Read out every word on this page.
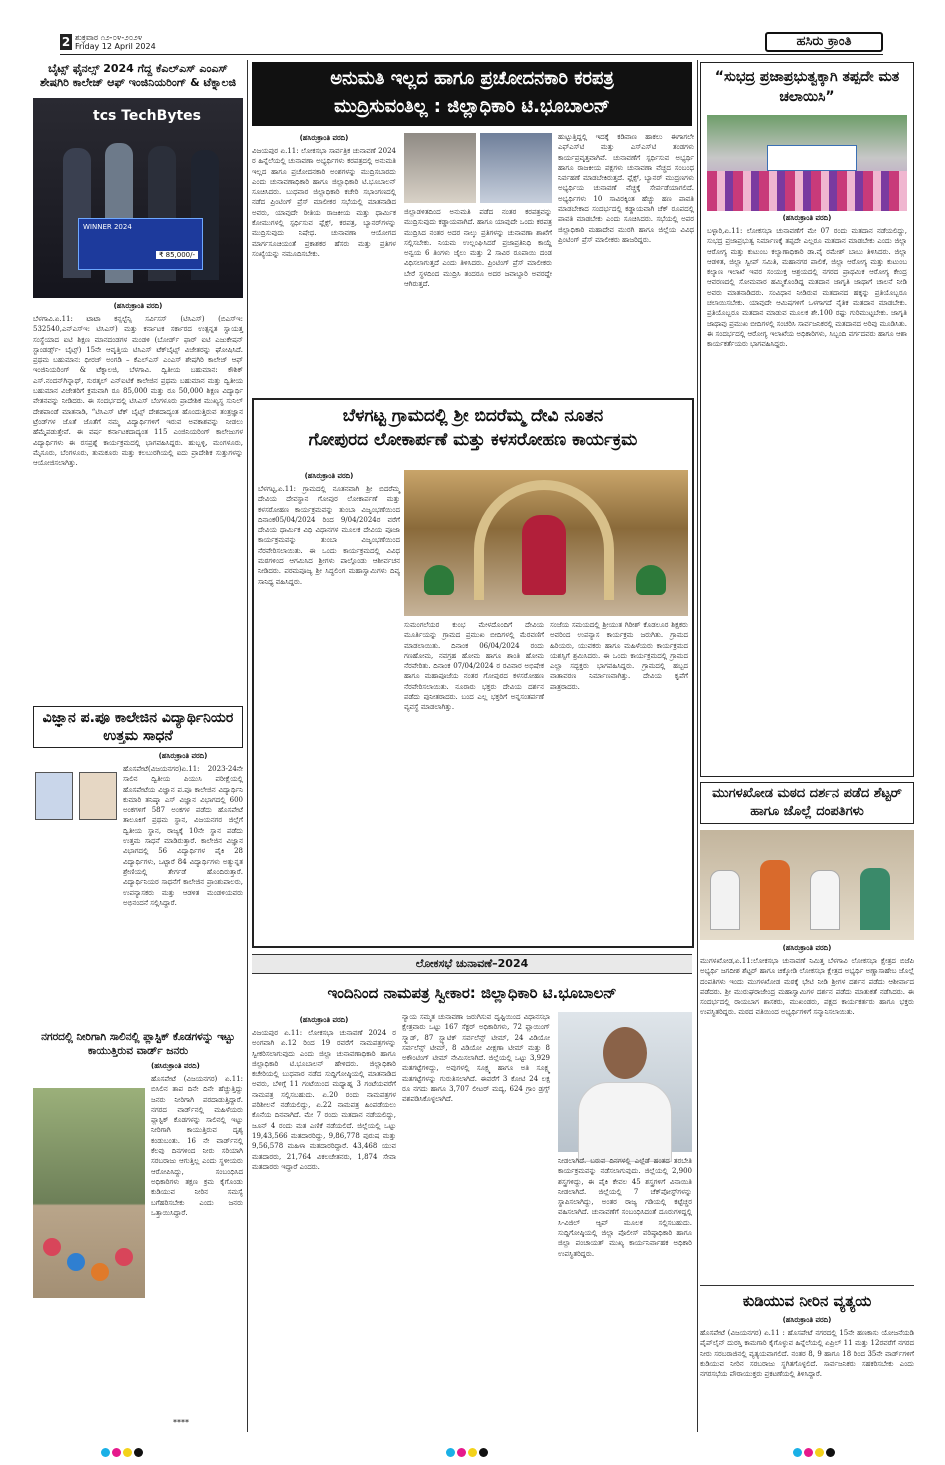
2 ಶುಕ್ರವಾರ ೧೨-೦೪-೨೦೨೪
Friday 12 April 2024	ಹಸಿರು ಕ್ರಾಂತಿ
ಬೈಟ್ಸ್ ಫೈನಲ್ಸ್ 2024 ಗೆದ್ದ ಕೆಎಲ್‌ಎಸ್ ಎಂಎಸ್ ಶೇಷಗಿರಿ ಕಾಲೇಜ್ ಆಫ್ ಇಂಜಿನಿಯರಿಂಗ್ & ಟೆಕ್ನಾಲಜಿ
tcs TechBytes
WINNER 2024
₹ 85,000/-
(ಹಸಿರುಕ್ರಾಂತಿ ವರದಿ)
ಬೆಳಗಾವಿ.ಏ.11: ಟಾಟಾ ಕನ್ಸಲ್ಟೆನ್ಸಿ ಸರ್ವಿಸಸ್ (ಟಿಸಿಎಸ್) (ಬಿಎಸ್‌ಇ: 532540,ಎನ್‌ಎಸ್‌ಇ: ಟಿಸಿಎಸ್) ಮತ್ತು ಕರ್ನಾಟಕ ಸರ್ಕಾರದ ಉತ್ಪನ್ನತ ಸ್ವಾಯತ್ತ ಸಂಸ್ಥೆಯಾದ ಐಟಿ ಶಿಕ್ಷಣ ಮಾನದಂಡಗಳ ಮಂಡಳಿ (ಬೋರ್ಡ್ ಫಾರ್ ಐಟಿ ಎಜುಕೇಷನ್ ಸ್ಟಾಂಡರ್ಡ್ಸ್- ಬೈಟ್ಸ್) 15ನೇ ಆವೃತ್ತಿಯ ಟಿಸಿಎಸ್ ಟೆಕ್‌ಬೈಟ್ಸ್ ವಿಜೇತರನ್ನು ಘೋಷಿಸಿದೆ. ಪ್ರಥಮ ಬಹುಮಾನ: ಧೀರಜ್ ಅಂಗಡಿ – ಕೆಎಲ್‌ಎಸ್ ಎಂಎಸ್ ಶೇಷಗಿರಿ ಕಾಲೇಜ್ ಆಫ್ ಇಂಜಿನಿಯರಿಂಗ್ & ಟೆಕ್ನಾಲಜಿ, ಬೆಳಗಾವಿ. ದ್ವಿತೀಯ ಬಹುಮಾನ: ಕೌಶಿಕ್ ಎಸ್.ನಂದನ್‌ಗಿನ್ನಾಥ್, ಸುರತ್ಕಲ್ ಎನ್‌ಐಟಿಕೆ ಕಾಲೇಜಿನ ಪ್ರಥಮ ಬಹುಮಾನ ಮತ್ತು ದ್ವಿತೀಯ ಬಹುಮಾನ ವಿಜೇತರಿಗೆ ಕ್ರಮವಾಗಿ ರೂ 85,000 ಮತ್ತು ರೂ 50,000 ಶಿಕ್ಷಣ ವಿದ್ಯಾರ್ಥಿ ವೇತನವನ್ನು ನೀಡಿದರು. ಈ ಸಂದರ್ಭದಲ್ಲಿ ಟಿಸಿಎಸ್ ಬೆಂಗಳೂರು ಪ್ರಾದೇಶಿಕ ಮುಖ್ಯಸ್ಥ ಸುನಿಲ್ ದೇಶಪಾಂಡೆ ಮಾತನಾಡಿ, “ಟಿಸಿಎಸ್ ಟೆಕ್ ಬೈಟ್ಸ್ ದೇಶದಾದ್ಯಂತ ಹೊಂದುತ್ತಿರುವ ತಂತ್ರಜ್ಞಾನ ಟ್ರೆಂಡ್‌ಗಳ ಜೊತೆ ಜೊತೆಗೆ ನಮ್ಮ ವಿದ್ಯಾರ್ಥಿಗಳಿಗೆ ಇರುವ ಅವಕಾಶವನ್ನು ನೀಡಲು ಹೆಮ್ಮೆಪಡುತ್ತೇವೆ. ಈ ವರ್ಷ ಕರ್ನಾಟಕದಾದ್ಯಂತ 115 ಎಂಜಿನಿಯರಿಂಗ್ ಕಾಲೇಜುಗಳ ವಿದ್ಯಾರ್ಥಿಗಳು ಈ ರಸಪ್ರಶ್ನೆ ಕಾರ್ಯಕ್ರಮದಲ್ಲಿ ಭಾಗವಹಿಸಿದ್ದರು. ಹುಬ್ಬಳ್ಳಿ, ಮಂಗಳೂರು, ಮೈಸೂರು, ಬೆಂಗಳೂರು, ತುಮಕೂರು ಮತ್ತು ಕಲಬುರಗಿಯಲ್ಲಿ ಐದು ಪ್ರಾದೇಶಿಕ ಸುತ್ತುಗಳನ್ನು ಆಯೋಜಿಸಲಾಗಿತ್ತು.
ವಿಜ್ಞಾನ ಪ.ಪೂ ಕಾಲೇಜಿನ ವಿದ್ಯಾರ್ಥಿನಿಯರ ಉತ್ತಮ ಸಾಧನೆ
(ಹಸಿರುಕ್ರಾಂತಿ ವರದಿ)
ಹೊಸಪೇಟೆ(ವಿಜಯನಗರ)ಏ.11: 2023-24ನೇ ಸಾಲಿನ ದ್ವಿತೀಯ ಪಿಯುಸಿ ಪರೀಕ್ಷೆಯಲ್ಲಿ ಹೊಸಪೇಟೆಯ ವಿಜ್ಞಾನ ಪ.ಪೂ ಕಾಲೇಜಿನ ವಿದ್ಯಾರ್ಥಿನಿ ಕುಮಾರಿ ತನಿಷ್ಕಾ ಎಸ್ ವಿಜ್ಞಾನ ವಿಭಾಗದಲ್ಲಿ 600 ಅಂಕಗಳಿಗೆ 587 ಅಂಕಗಳ ಪಡೆದು ಹೊಸಪೇಟೆ ತಾಲೂಕಿಗೆ ಪ್ರಥಮ ಸ್ಥಾನ, ವಿಜಯನಗರ ಜಿಲ್ಲೆಗೆ ದ್ವಿತೀಯ ಸ್ಥಾನ, ರಾಜ್ಯಕ್ಕೆ 10ನೇ ಸ್ಥಾನ ಪಡೆದು ಉತ್ತಮ ಸಾಧನೆ ಮಾಡಿರುತ್ತಾರೆ. ಕಾಲೇಜಿನ ವಿಜ್ಞಾನ ವಿಭಾಗದಲ್ಲಿ 56 ವಿದ್ಯಾರ್ಥಿಗಳ ಪೈಕಿ 28 ವಿದ್ಯಾರ್ಥಿಗಳು, ಒಟ್ಟಾರೆ 84 ವಿದ್ಯಾರ್ಥಿಗಳು ಅತ್ಯುನ್ನತ ಶ್ರೇಣಿಯಲ್ಲಿ ತೇರ್ಗಡೆ ಹೊಂದಿರುತ್ತಾರೆ. ವಿದ್ಯಾರ್ಥಿನಿಯರ ಸಾಧನೆಗೆ ಕಾಲೇಜಿನ ಪ್ರಾಂಶುಪಾಲರು, ಉಪನ್ಯಾಸಕರು ಮತ್ತು ಆಡಳಿತ ಮಂಡಳಿಯವರು ಅಭಿನಂದನೆ ಸಲ್ಲಿಸಿದ್ದಾರೆ.
ನಗರದಲ್ಲಿ ನೀರಿಗಾಗಿ ಸಾಲಿನಲ್ಲಿ ಪ್ಲಾಸ್ಟಿಕ್ ಕೊಡಗಳನ್ನು ಇಟ್ಟು ಕಾಯುತ್ತಿರುವ ವಾರ್ಡ್ ಜನರು
(ಹಸಿರುಕ್ರಾಂತಿ ವರದಿ)
ಹೊಸಪೇಟೆ (ವಿಜಯನಗರ) ಏ.11: ಬಿಸಿಲಿನ ತಾಪ ದಿನೇ ದಿನೇ ಹೆಚ್ಚುತ್ತಿದ್ದು ಜನರು ನೀರಿಗಾಗಿ ಪರದಾಡುತ್ತಿದ್ದಾರೆ. ನಗರದ ವಾರ್ಡ್‌ನಲ್ಲಿ ಮಹಿಳೆಯರು ಪ್ಲಾಸ್ಟಿಕ್ ಕೊಡಗಳನ್ನು ಸಾಲಿನಲ್ಲಿ ಇಟ್ಟು ನೀರಿಗಾಗಿ ಕಾಯುತ್ತಿರುವ ದೃಶ್ಯ ಕಂಡುಬಂತು. 16 ನೇ ವಾರ್ಡ್‌ನಲ್ಲಿ ಕೆಲವು ದಿನಗಳಿಂದ ನೀರು ಸರಿಯಾಗಿ ಸರಬರಾಜು ಆಗುತ್ತಿಲ್ಲ ಎಂದು ಸ್ಥಳೀಯರು ಆರೋಪಿಸಿದ್ದು, ಸಂಬಂಧಿಸಿದ ಅಧಿಕಾರಿಗಳು ತಕ್ಷಣ ಕ್ರಮ ಕೈಗೊಂಡು ಕುಡಿಯುವ ನೀರಿನ ಸಮಸ್ಯೆ ಬಗೆಹರಿಸಬೇಕು ಎಂದು ಜನರು ಒತ್ತಾಯಿಸಿದ್ದಾರೆ.
****
ಅನುಮತಿ ಇಲ್ಲದ ಹಾಗೂ ಪ್ರಚೋದನಕಾರಿ ಕರಪತ್ರ
ಮುದ್ರಿಸುವಂತಿಲ್ಲ : ಜಿಲ್ಲಾಧಿಕಾರಿ ಟಿ.ಭೂಬಾಲನ್
(ಹಸಿರುಕ್ರಾಂತಿ ವರದಿ)
ವಿಜಯಪುರ ಏ.11: ಲೋಕಸಭಾ ಸಾರ್ವತ್ರಿಕ ಚುನಾವಣೆ 2024 ರ ಹಿನ್ನೆಲೆಯಲ್ಲಿ ಚುನಾವಣಾ ಅಭ್ಯರ್ಥಿಗಳು ಕರಪತ್ರದಲ್ಲಿ ಅನುಮತಿ ಇಲ್ಲದ ಹಾಗೂ ಪ್ರಚೋದನಕಾರಿ ಅಂಶಗಳನ್ನು ಮುದ್ರಿಸಬಾರದು ಎಂದು ಚುನಾವಣಾಧಿಕಾರಿ ಹಾಗೂ ಜಿಲ್ಲಾಧಿಕಾರಿ ಟಿ.ಭೂಬಾಲನ್ ಸೂಚಿಸಿದರು. ಬುಧವಾರ ಜಿಲ್ಲಾಧಿಕಾರಿ ಕಚೇರಿ ಸಭಾಂಗಣದಲ್ಲಿ ನಡೆದ ಪ್ರಿಂಟಿಂಗ್ ಪ್ರೆಸ್ ಮಾಲೀಕರ ಸಭೆಯಲ್ಲಿ ಮಾತನಾಡಿದ ಅವರು, ಯಾವುದೇ ರೀತಿಯ ರಾಜಕೀಯ ಮತ್ತು ಧಾರ್ಮಿಕ ಕೋಮುಗಳಲ್ಲಿ ಸ್ಪರ್ಧಿಸುವ ಫ್ಲೆಕ್ಸ್, ಕರಪತ್ರ, ಬ್ಯಾನರ್‌ಗಳನ್ನು ಮುದ್ರಿಸುವುದು ನಿಷೇಧ. ಚುನಾವಣಾ ಆಯೋಗದ ಮಾರ್ಗಸೂಚಿಯಂತೆ ಪ್ರಕಾಶಕರ ಹೆಸರು ಮತ್ತು ಪ್ರತಿಗಳ ಸಂಖ್ಯೆಯನ್ನು ನಮೂದಿಸಬೇಕು.
ಜಿಲ್ಲಾಡಳಿತದಿಂದ ಅನುಮತಿ ಪಡೆದ ನಂತರ ಕರಪತ್ರವನ್ನು ಮುದ್ರಿಸುವುದು ಕಡ್ಡಾಯವಾಗಿದೆ. ಹಾಗೂ ಯಾವುದೇ ಒಂದು ಕರಪತ್ರ ಮುದ್ರಿಸಿದ ನಂತರ ಅದರ ನಾಲ್ಕು ಪ್ರತಿಗಳನ್ನು ಚುನಾವಣಾ ಶಾಖೆಗೆ ಸಲ್ಲಿಸಬೇಕು. ನಿಯಮ ಉಲ್ಲಂಘಿಸಿದರೆ ಪ್ರಜಾಪ್ರತಿನಿಧಿ ಕಾಯ್ದೆ ಅನ್ವಯ 6 ತಿಂಗಳು ಜೈಲು ಮತ್ತು 2 ಸಾವಿರ ರೂಪಾಯಿ ದಂಡ ವಿಧಿಸಲಾಗುತ್ತದೆ ಎಂದು ತಿಳಿಸಿದರು. ಪ್ರಿಂಟಿಂಗ್ ಪ್ರೆಸ್ ಮಾಲೀಕರು ಬೇರೆ ಸ್ಥಳದಿಂದ ಮುದ್ರಿಸಿ ತಂದರೂ ಅದರ ಜವಾಬ್ದಾರಿ ಅವರದ್ದೇ ಆಗಿರುತ್ತದೆ.
ಹುಟ್ಟುತ್ತಿದ್ದಲ್ಲಿ ಇದಕ್ಕೆ ಕಡಿವಾಣ ಹಾಕಲು ಈಗಾಗಲೇ ಎಫ್‌ಎಸ್‌ಟಿ ಮತ್ತು ಎಸ್‌ಎಸ್‌ಟಿ ತಂಡಗಳು ಕಾರ್ಯಪ್ರವೃತ್ತವಾಗಿವೆ. ಚುನಾವಣೆಗೆ ಸ್ಪರ್ಧಿಸುವ ಅಭ್ಯರ್ಥಿ ಹಾಗೂ ರಾಜಕೀಯ ಪಕ್ಷಗಳು ಚುನಾವಣಾ ವೆಚ್ಚದ ಸಂಬಂಧ ನಿರ್ವಹಣೆ ಮಾಡಬೇಕಿರುತ್ತದೆ. ಫ್ಲೆಕ್ಸ್, ಬ್ಯಾನರ್ ಮುದ್ರಣಗಳು ಅಭ್ಯರ್ಥಿಯ ಚುನಾವಣೆ ವೆಚ್ಚಕ್ಕೆ ಸೇರ್ಪಡೆಯಾಗಲಿದೆ. ಅಭ್ಯರ್ಥಿಗಳು 10 ಸಾವಿರಕ್ಕಿಂತ ಹೆಚ್ಚು ಹಣ ಪಾವತಿ ಮಾಡಬೇಕಾದ ಸಂದರ್ಭದಲ್ಲಿ ಕಡ್ಡಾಯವಾಗಿ ಚೆಕ್ ರೂಪದಲ್ಲಿ ಪಾವತಿ ಮಾಡಬೇಕು ಎಂದು ಸೂಚಿಸಿದರು. ಸಭೆಯಲ್ಲಿ ಅಪರ ಜಿಲ್ಲಾಧಿಕಾರಿ ಮಹಾದೇವ ಮುರಗಿ ಹಾಗೂ ಜಿಲ್ಲೆಯ ವಿವಿಧ ಪ್ರಿಂಟಿಂಗ್ ಪ್ರೆಸ್ ಮಾಲೀಕರು ಹಾಜರಿದ್ದರು.
ಬೆಳಗಟ್ಟ ಗ್ರಾಮದಲ್ಲಿ ಶ್ರೀ ಬಿದರೆಮ್ಮ ದೇವಿ ನೂತನ
ಗೋಪುರದ ಲೋಕಾರ್ಪಣೆ ಮತ್ತು ಕಳಸರೋಹಣ ಕಾರ್ಯಕ್ರಮ
(ಹಸಿರುಕ್ರಾಂತಿ ವರದಿ)
ಬೆಳಗಟ್ಟ,ಏ.11: ಗ್ರಾಮದಲ್ಲಿ ನೂತನವಾಗಿ ಶ್ರೀ ಬಿದರೆಮ್ಮ ದೇವಿಯ ದೇವಸ್ಥಾನ ಗೋಪುರ ಲೋಕಾರ್ಪಣೆ ಮತ್ತು ಕಳಸರೋಹಣ ಕಾರ್ಯಕ್ರಮವನ್ನು ತುಂಬಾ ವಿಜೃಂಭಣೆಯಿಂದ ದಿನಾಂಕ05/04/2024 ರಿಂದ 9/04/2024ರ ವರೆಗೆ ದೇವಿಯ ಧಾರ್ಮಿಕ ವಿಧಿ ವಿಧಾನಗಳ ಮೂಲಕ ದೇವಿಯ ಪೂಜಾ ಕಾರ್ಯಕ್ರಮವನ್ನು ತುಂಬಾ ವಿಜೃಂಭಣೆಯಿಂದ ನೆರವೇರಿಸಲಾಯಿತು. ಈ ಒಂದು ಕಾರ್ಯಕ್ರಮದಲ್ಲಿ ವಿವಿಧ ಮಠಗಳಿಂದ ಆಗಮಿಸಿದ ಶ್ರೀಗಳು ಪಾಲ್ಗೊಂಡು ಆಶೀರ್ವಚನ ನೀಡಿದರು. ಪರಮಪೂಜ್ಯ ಶ್ರೀ ಸಿದ್ಧಲಿಂಗ ಮಹಾಸ್ವಾಮಿಗಳು ದಿವ್ಯ ಸಾನಿಧ್ಯ ವಹಿಸಿದ್ದರು.
ಸುಮಂಗಲೆಯರ ಕುಂಭ ಮೇಳದೊಂದಿಗೆ ದೇವಿಯ ಮೂರ್ತಿಯನ್ನು ಗ್ರಾಮದ ಪ್ರಮುಖ ಬೀದಿಗಳಲ್ಲಿ ಮೆರವಣಿಗೆ ಮಾಡಲಾಯಿತು. ದಿನಾಂಕ 06/04/2024 ರಂದು ಗಣಹೋಮ, ನವಗ್ರಹ ಹೋಮ ಹಾಗೂ ಶಾಂತಿ ಹೋಮ ನೆರವೇರಿತು. ದಿನಾಂಕ 07/04/2024 ರ ರವಿವಾರ ಅಭಿಷೇಕ ಹಾಗೂ ಮಹಾಪೂಜೆಯ ನಂತರ ಗೋಪುರದ ಕಳಸರೋಹಣ ನೆರವೇರಿಸಲಾಯಿತು. ನೂರಾರು ಭಕ್ತರು ದೇವಿಯ ದರ್ಶನ ಪಡೆದು ಪುನೀತರಾದರು. ಬಂದ ಎಲ್ಲ ಭಕ್ತರಿಗೆ ಅನ್ನಸಂತರ್ಪಣೆ ವ್ಯವಸ್ಥೆ ಮಾಡಲಾಗಿತ್ತು.
ಸಂಜೆಯ ಸಮಯದಲ್ಲಿ ಶ್ರೀಯುತ ಗಿರೀಶ್ ಕೊಡಲೂರ ಶಿಕ್ಷಕರು ಅವರಿಂದ ಉಪನ್ಯಾಸ ಕಾರ್ಯಕ್ರಮ ಜರುಗಿತು. ಗ್ರಾಮದ ಹಿರಿಯರು, ಯುವಕರು ಹಾಗೂ ಮಹಿಳೆಯರು ಕಾರ್ಯಕ್ರಮದ ಯಶಸ್ಸಿಗೆ ಶ್ರಮಿಸಿದರು. ಈ ಒಂದು ಕಾರ್ಯಕ್ರಮದಲ್ಲಿ ಗ್ರಾಮದ ಎಲ್ಲಾ ಸದ್ಭಕ್ತರು ಭಾಗವಹಿಸಿದ್ದರು. ಗ್ರಾಮದಲ್ಲಿ ಹಬ್ಬದ ವಾತಾವರಣ ನಿರ್ಮಾಣವಾಗಿತ್ತು. ದೇವಿಯ ಕೃಪೆಗೆ ಪಾತ್ರರಾದರು.
ಲೋಕಸಭೆ ಚುನಾವಣೆ–2024
ಇಂದಿನಿಂದ ನಾಮಪತ್ರ ಸ್ವೀಕಾರ: ಜಿಲ್ಲಾಧಿಕಾರಿ ಟಿ.ಭೂಬಾಲನ್
(ಹಸಿರುಕ್ರಾಂತಿ ವರದಿ)
ವಿಜಯಪುರ ಏ.11: ಲೋಕಸಭಾ ಚುನಾವಣೆ 2024 ರ ಅಂಗವಾಗಿ ಏ.12 ರಿಂದ 19 ರವರೆಗೆ ನಾಮಪತ್ರಗಳನ್ನು ಸ್ವೀಕರಿಸಲಾಗುವುದು ಎಂದು ಜಿಲ್ಲಾ ಚುನಾವಣಾಧಿಕಾರಿ ಹಾಗೂ ಜಿಲ್ಲಾಧಿಕಾರಿ ಟಿ.ಭೂಬಾಲನ್ ಹೇಳಿದರು. ಜಿಲ್ಲಾಧಿಕಾರಿ ಕಚೇರಿಯಲ್ಲಿ ಬುಧವಾರ ನಡೆದ ಸುದ್ದಿಗೋಷ್ಠಿಯಲ್ಲಿ ಮಾತನಾಡಿದ ಅವರು, ಬೆಳಿಗ್ಗೆ 11 ಗಂಟೆಯಿಂದ ಮಧ್ಯಾಹ್ನ 3 ಗಂಟೆಯವರೆಗೆ ನಾಮಪತ್ರ ಸಲ್ಲಿಸಬಹುದು. ಏ.20 ರಂದು ನಾಮಪತ್ರಗಳ ಪರಿಶೀಲನೆ ನಡೆಯಲಿದ್ದು, ಏ.22 ನಾಮಪತ್ರ ಹಿಂಪಡೆಯಲು ಕೊನೆಯ ದಿನವಾಗಿದೆ. ಮೇ 7 ರಂದು ಮತದಾನ ನಡೆಯಲಿದ್ದು, ಜೂನ್ 4 ರಂದು ಮತ ಎಣಿಕೆ ನಡೆಯಲಿದೆ. ಜಿಲ್ಲೆಯಲ್ಲಿ ಒಟ್ಟು 19,43,566 ಮತದಾರರಿದ್ದು, 9,86,778 ಪುರುಷ ಮತ್ತು 9,56,578 ಮಹಿಳಾ ಮತದಾರರಿದ್ದಾರೆ. 43,468 ಯುವ ಮತದಾರರು, 21,764 ವಿಕಲಚೇತನರು, 1,874 ಸೇವಾ ಮತದಾರರು ಇದ್ದಾರೆ ಎಂದರು.
ನ್ಯಾಯ ಸಮ್ಮತ ಚುನಾವಣಾ ಜರುಗಿಸುವ ದೃಷ್ಟಿಯಿಂದ ವಿಧಾನಸಭಾ ಕ್ಷೇತ್ರವಾರು ಒಟ್ಟು 167 ಸೆಕ್ಟರ್ ಅಧಿಕಾರಿಗಳು, 72 ಫ್ಲಾಯಿಂಗ್ ಸ್ಕ್ವಾಡ್, 87 ಸ್ಟ್ಯಾಟಿಕ್ ಸರ್ವಲೆನ್ಸ್ ಟೀಮ್, 24 ವಿಡಿಯೋ ಸರ್ವಲೆನ್ಸ್ ಟೀಮ್, 8 ವಿಡಿಯೋ ವೀಕ್ಷಣಾ ಟೀಮ್ ಮತ್ತು 8 ಅಕೌಂಟಿಂಗ್ ಟೀಮ್ ನೇಮಿಸಲಾಗಿದೆ. ಜಿಲ್ಲೆಯಲ್ಲಿ ಒಟ್ಟು 3,929 ಮತಗಟ್ಟೆಗಳಿದ್ದು, ಅವುಗಳಲ್ಲಿ ಸೂಕ್ಷ್ಮ ಹಾಗೂ ಅತಿ ಸೂಕ್ಷ್ಮ ಮತಗಟ್ಟೆಗಳನ್ನು ಗುರುತಿಸಲಾಗಿದೆ. ಈವರೆಗೆ 3 ಕೋಟಿ 24 ಲಕ್ಷ ರೂ ನಗದು ಹಾಗೂ 3,707 ಲೀಟರ್ ಮದ್ಯ, 624 ಗ್ರಾಂ ಡ್ರಗ್ಸ್ ವಶಪಡಿಸಿಕೊಳ್ಳಲಾಗಿದೆ.
ನೀಡಲಾಗಿದೆ. ಬರುವ ದಿನಗಳಲ್ಲಿ ಎಲ್ಲೆಡೆ ಹಂತದ ತರಬೇತಿ ಕಾರ್ಯಕ್ರಮವನ್ನು ನಡೆಸಲಾಗುವುದು. ಜಿಲ್ಲೆಯಲ್ಲಿ 2,900 ಶಸ್ತ್ರಗಳಿದ್ದು, ಈ ಪೈಕಿ ಕೇವಲ 45 ಶಸ್ತ್ರಗಳಿಗೆ ವಿನಾಯಿತಿ ನೀಡಲಾಗಿದೆ. ಜಿಲ್ಲೆಯಲ್ಲಿ 7 ಚೆಕ್‌ಪೋಸ್ಟ್‌ಗಳನ್ನು ಸ್ಥಾಪಿಸಲಾಗಿದ್ದು, ಅಂತರ ರಾಜ್ಯ ಗಡಿಯಲ್ಲಿ ಕಟ್ಟೆಚ್ಚರ ವಹಿಸಲಾಗಿದೆ. ಚುನಾವಣೆಗೆ ಸಂಬಂಧಿಸಿದಂತೆ ದೂರುಗಳಿದ್ದಲ್ಲಿ ಸಿ-ವಿಜಿಲ್ ಆ್ಯಪ್ ಮೂಲಕ ಸಲ್ಲಿಸಬಹುದು. ಸುದ್ದಿಗೋಷ್ಠಿಯಲ್ಲಿ ಜಿಲ್ಲಾ ಪೊಲೀಸ್ ವರಿಷ್ಠಾಧಿಕಾರಿ ಹಾಗೂ ಜಿಲ್ಲಾ ಪಂಚಾಯತ್ ಮುಖ್ಯ ಕಾರ್ಯನಿರ್ವಾಹಕ ಅಧಿಕಾರಿ ಉಪಸ್ಥಿತರಿದ್ದರು.
“ಸುಭದ್ರ ಪ್ರಜಾಪ್ರಭುತ್ವಕ್ಕಾಗಿ ತಪ್ಪದೇ ಮತ ಚಲಾಯಿಸಿ”
(ಹಸಿರುಕ್ರಾಂತಿ ವರದಿ)
ಬಳ್ಳಾರಿ,ಏ.11: ಲೋಕಸಭಾ ಚುನಾವಣೆಗೆ ಮೇ 07 ರಂದು ಮತದಾನ ನಡೆಯಲಿದ್ದು, ಸುಭದ್ರ ಪ್ರಜಾಪ್ರಭುತ್ವ ನಿರ್ಮಾಣಕ್ಕೆ ತಪ್ಪದೇ ಎಲ್ಲರೂ ಮತದಾನ ಮಾಡಬೇಕು ಎಂದು ಜಿಲ್ಲಾ ಆರೋಗ್ಯ ಮತ್ತು ಕುಟುಂಬ ಕಲ್ಯಾಣಾಧಿಕಾರಿ ಡಾ.ವೈ ರಮೇಶ್ ಬಾಬು ತಿಳಿಸಿದರು. ಜಿಲ್ಲಾ ಆಡಳಿತ, ಜಿಲ್ಲಾ ಸ್ವೀಪ್ ಸಮಿತಿ, ಮಹಾನಗರ ಪಾಲಿಕೆ, ಜಿಲ್ಲಾ ಆರೋಗ್ಯ ಮತ್ತು ಕುಟುಂಬ ಕಲ್ಯಾಣ ಇಲಾಖೆ ಇವರ ಸಂಯುಕ್ತ ಆಶ್ರಯದಲ್ಲಿ ನಗರದ ಪ್ರಾಥಮಿಕ ಆರೋಗ್ಯ ಕೇಂದ್ರ ಆವರಣದಲ್ಲಿ ಸೋಮವಾರ ಹಮ್ಮಿಕೊಂಡಿದ್ದ ಮತದಾನ ಜಾಗೃತಿ ಜಾಥಾಗೆ ಚಾಲನೆ ನೀಡಿ ಅವರು ಮಾತನಾಡಿದರು. ಸಂವಿಧಾನ ನೀಡಿರುವ ಮತದಾನದ ಹಕ್ಕನ್ನು ಪ್ರತಿಯೊಬ್ಬರೂ ಚಲಾಯಿಸಬೇಕು. ಯಾವುದೇ ಆಮಿಷಗಳಿಗೆ ಒಳಗಾಗದೆ ನೈತಿಕ ಮತದಾನ ಮಾಡಬೇಕು. ಪ್ರತಿಯೊಬ್ಬರೂ ಮತದಾನ ಮಾಡುವ ಮೂಲಕ ಶೇ.100 ರಷ್ಟು ಗುರಿಮುಟ್ಟಬೇಕು. ಜಾಗೃತಿ ಜಾಥಾವು ಪ್ರಮುಖ ಬೀದಿಗಳಲ್ಲಿ ಸಂಚರಿಸಿ ಸಾರ್ವಜನಿಕರಲ್ಲಿ ಮತದಾನದ ಅರಿವು ಮೂಡಿಸಿತು. ಈ ಸಂದರ್ಭದಲ್ಲಿ ಆರೋಗ್ಯ ಇಲಾಖೆಯ ಅಧಿಕಾರಿಗಳು, ಸಿಬ್ಬಂದಿ ವರ್ಗದವರು ಹಾಗೂ ಆಶಾ ಕಾರ್ಯಕರ್ತೆಯರು ಭಾಗವಹಿಸಿದ್ದರು.
ಮುಗಳಖೋಡ ಮಠದ ದರ್ಶನ ಪಡೆದ ಶೆಟ್ಟರ್ ಹಾಗೂ ಜೊಲ್ಲೆ ದಂಪತಿಗಳು
(ಹಸಿರುಕ್ರಾಂತಿ ವರದಿ)
ಮುಗಳಖೋಡ,ಏ.11:ಲೋಕಸಭಾ ಚುನಾವಣೆ ನಿಮಿತ್ತ ಬೆಳಗಾವಿ ಲೋಕಸಭಾ ಕ್ಷೇತ್ರದ ಬಿಜೆಪಿ ಅಭ್ಯರ್ಥಿ ಜಗದೀಶ ಶೆಟ್ಟರ್ ಹಾಗೂ ಚಿಕ್ಕೋಡಿ ಲೋಕಸಭಾ ಕ್ಷೇತ್ರದ ಅಭ್ಯರ್ಥಿ ಅಣ್ಣಾಸಾಹೇಬ ಜೊಲ್ಲೆ ದಂಪತಿಗಳು ಇಂದು ಮುಗಳಖೋಡ ಮಠಕ್ಕೆ ಭೇಟಿ ನೀಡಿ ಶ್ರೀಗಳ ದರ್ಶನ ಪಡೆದು ಆಶೀರ್ವಾದ ಪಡೆದರು. ಶ್ರೀ ಮುರುಘರಾಜೇಂದ್ರ ಮಹಾಸ್ವಾಮಿಗಳ ದರ್ಶನ ಪಡೆದು ಮಾತುಕತೆ ನಡೆಸಿದರು. ಈ ಸಂದರ್ಭದಲ್ಲಿ ರಾಯಬಾಗ ಶಾಸಕರು, ಮುಖಂಡರು, ಪಕ್ಷದ ಕಾರ್ಯಕರ್ತರು ಹಾಗೂ ಭಕ್ತರು ಉಪಸ್ಥಿತರಿದ್ದರು. ಮಠದ ವತಿಯಿಂದ ಅಭ್ಯರ್ಥಿಗಳಿಗೆ ಸನ್ಮಾನಿಸಲಾಯಿತು.
ಕುಡಿಯುವ ನೀರಿನ ವ್ಯತ್ಯಯ
(ಹಸಿರುಕ್ರಾಂತಿ ವರದಿ)
ಹೊಸಪೇಟೆ (ವಿಜಯನಗರ) ಏ.11 : ಹೊಸಪೇಟೆ ನಗರದಲ್ಲಿ 15ನೇ ಹಣಕಾಸು ಯೋಜನೆಯಡಿ ಪೈಪ್‌ಲೈನ್ ದುರಸ್ತಿ ಕಾಮಗಾರಿ ಕೈಗೊಳ್ಳುವ ಹಿನ್ನೆಲೆಯಲ್ಲಿ ಏಪ್ರಿಲ್ 11 ಮತ್ತು 12ರವರೆಗೆ ನಗರದ ನೀರು ಸರಬರಾಜಿನಲ್ಲಿ ವ್ಯತ್ಯಯವಾಗಲಿದೆ. ನಂತರ 8, 9 ಹಾಗೂ 18 ರಿಂದ 35ನೇ ವಾರ್ಡ್‌ಗಳಿಗೆ ಕುಡಿಯುವ ನೀರಿನ ಸರಬರಾಜು ಸ್ಥಗಿತಗೊಳ್ಳಲಿದೆ. ಸಾರ್ವಜನಿಕರು ಸಹಕರಿಸಬೇಕು ಎಂದು ನಗರಸಭೆಯ ಪೌರಾಯುಕ್ತರು ಪ್ರಕಟಣೆಯಲ್ಲಿ ತಿಳಿಸಿದ್ದಾರೆ.
